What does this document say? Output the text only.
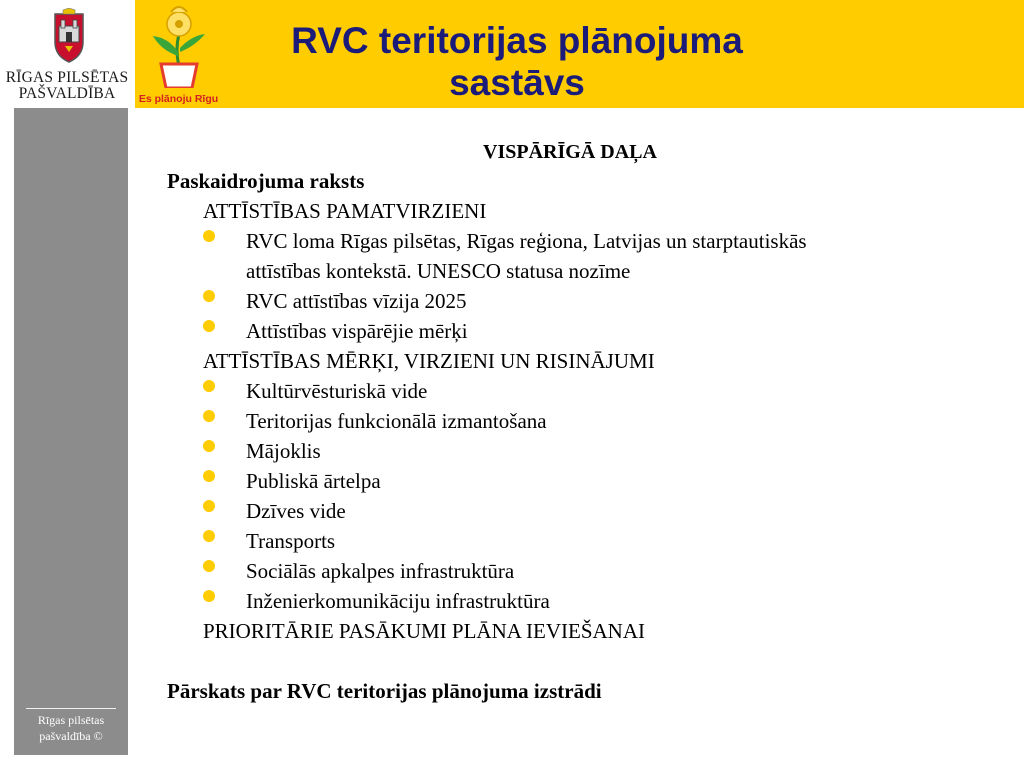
RĪGAS PILSĒTAS
PAŠVALDĪBA	Es plānoju Rīgu
RVC teritorijas plānojuma
sastāvs
Rīgas pilsētas
pašvaldība ©
VISPĀRĪGĀ DAĻA
Paskaidrojuma raksts
ATTĪSTĪBAS PAMATVIRZIENI
RVC loma Rīgas pilsētas, Rīgas reģiona, Latvijas un starptautiskās
attīstības kontekstā. UNESCO statusa nozīme
RVC attīstības vīzija 2025
Attīstības vispārējie mērķi
ATTĪSTĪBAS MĒRĶI, VIRZIENI UN RISINĀJUMI
Kultūrvēsturiskā vide
Teritorijas funkcionālā izmantošana
Mājoklis
Publiskā ārtelpa
Dzīves vide
Transports
Sociālās apkalpes infrastruktūra
Inženierkomunikāciju infrastruktūra
PRIORITĀRIE PASĀKUMI PLĀNA IEVIEŠANAI
Pārskats par RVC teritorijas plānojuma izstrādi
